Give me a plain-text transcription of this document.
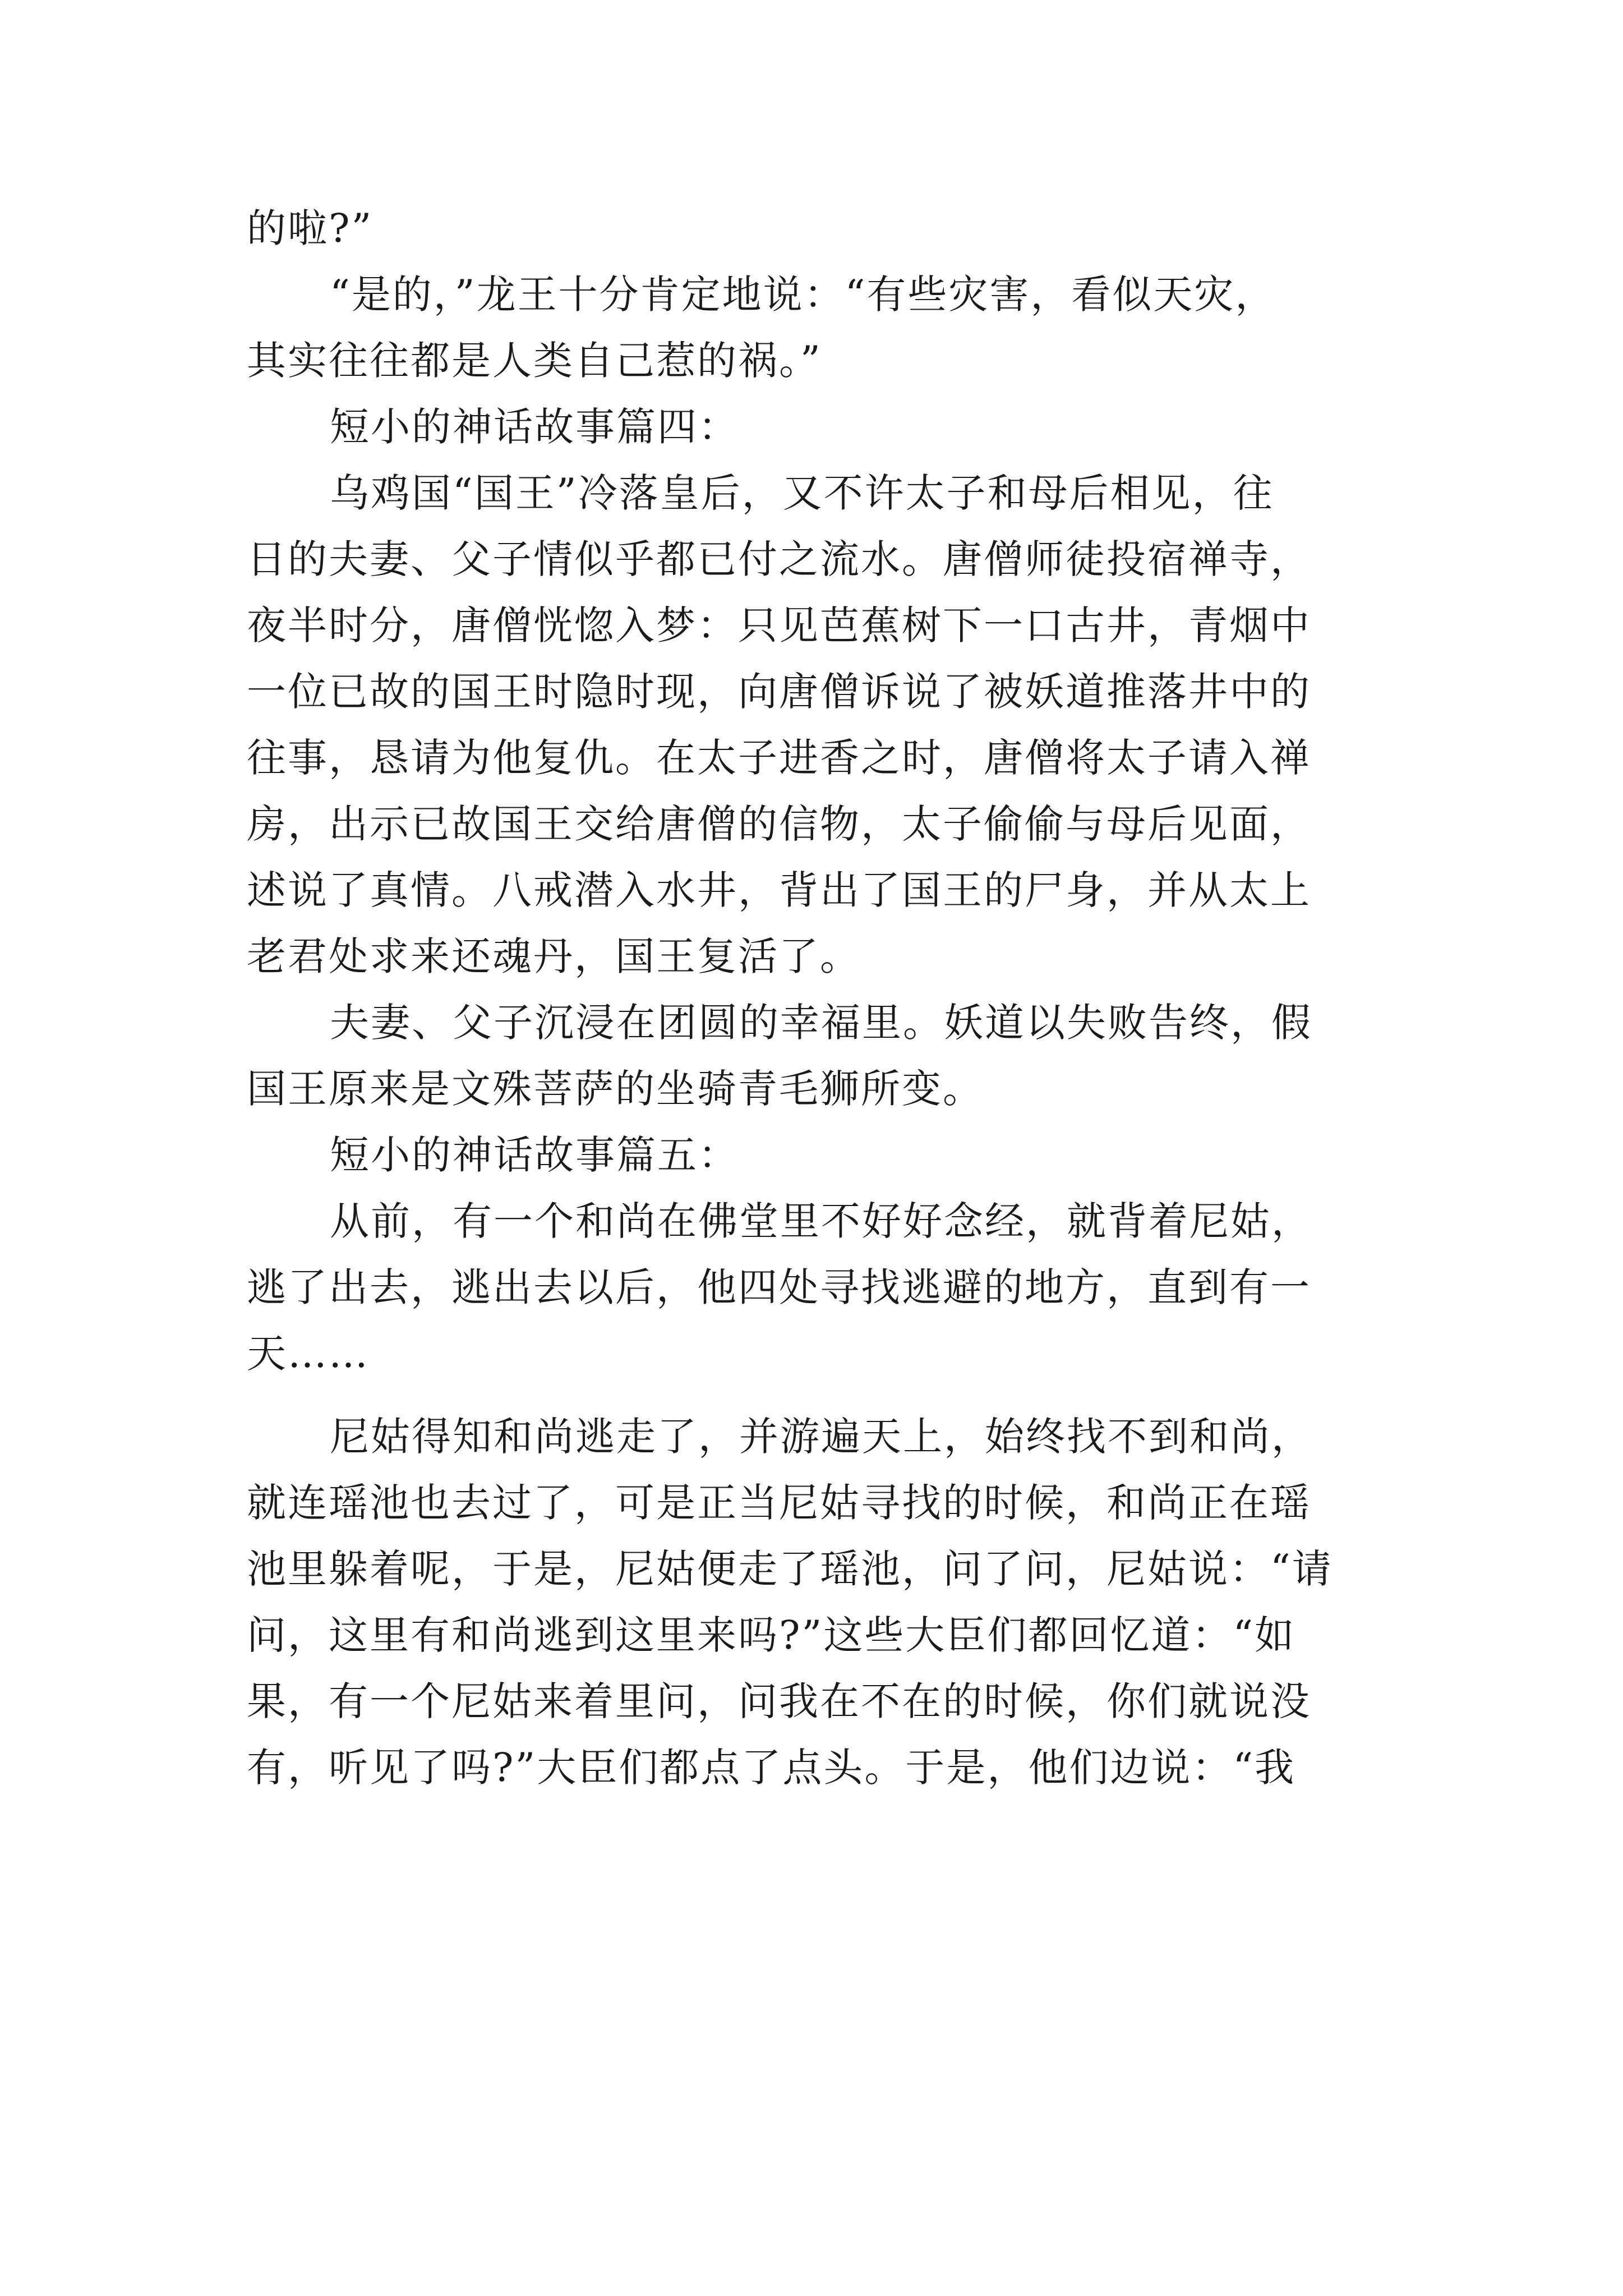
的啦?”
“是的，”龙王十分肯定地说：“有些灾害，看似天灾，
其实往往都是人类自己惹的祸。”
短小的神话故事篇四：
乌鸡国“国王”冷落皇后，又不许太子和母后相见，往
日的夫妻、父子情似乎都已付之流水。唐僧师徒投宿禅寺，
夜半时分，唐僧恍惚入梦：只见芭蕉树下一口古井，青烟中
一位已故的国王时隐时现，向唐僧诉说了被妖道推落井中的
往事，恳请为他复仇。在太子进香之时，唐僧将太子请入禅
房，出示已故国王交给唐僧的信物，太子偷偷与母后见面，
述说了真情。八戒潜入水井，背出了国王的尸身，并从太上
老君处求来还魂丹，国王复活了。
夫妻、父子沉浸在团圆的幸福里。妖道以失败告终，假
国王原来是文殊菩萨的坐骑青毛狮所变。
短小的神话故事篇五：
从前，有一个和尚在佛堂里不好好念经，就背着尼姑，
逃了出去，逃出去以后，他四处寻找逃避的地方，直到有一
天……
尼姑得知和尚逃走了，并游遍天上，始终找不到和尚，
就连瑶池也去过了，可是正当尼姑寻找的时候，和尚正在瑶
池里躲着呢，于是，尼姑便走了瑶池，问了问，尼姑说：“请
问，这里有和尚逃到这里来吗?”这些大臣们都回忆道：“如
果，有一个尼姑来着里问，问我在不在的时候，你们就说没
有，听见了吗?”大臣们都点了点头。于是，他们边说：“我
